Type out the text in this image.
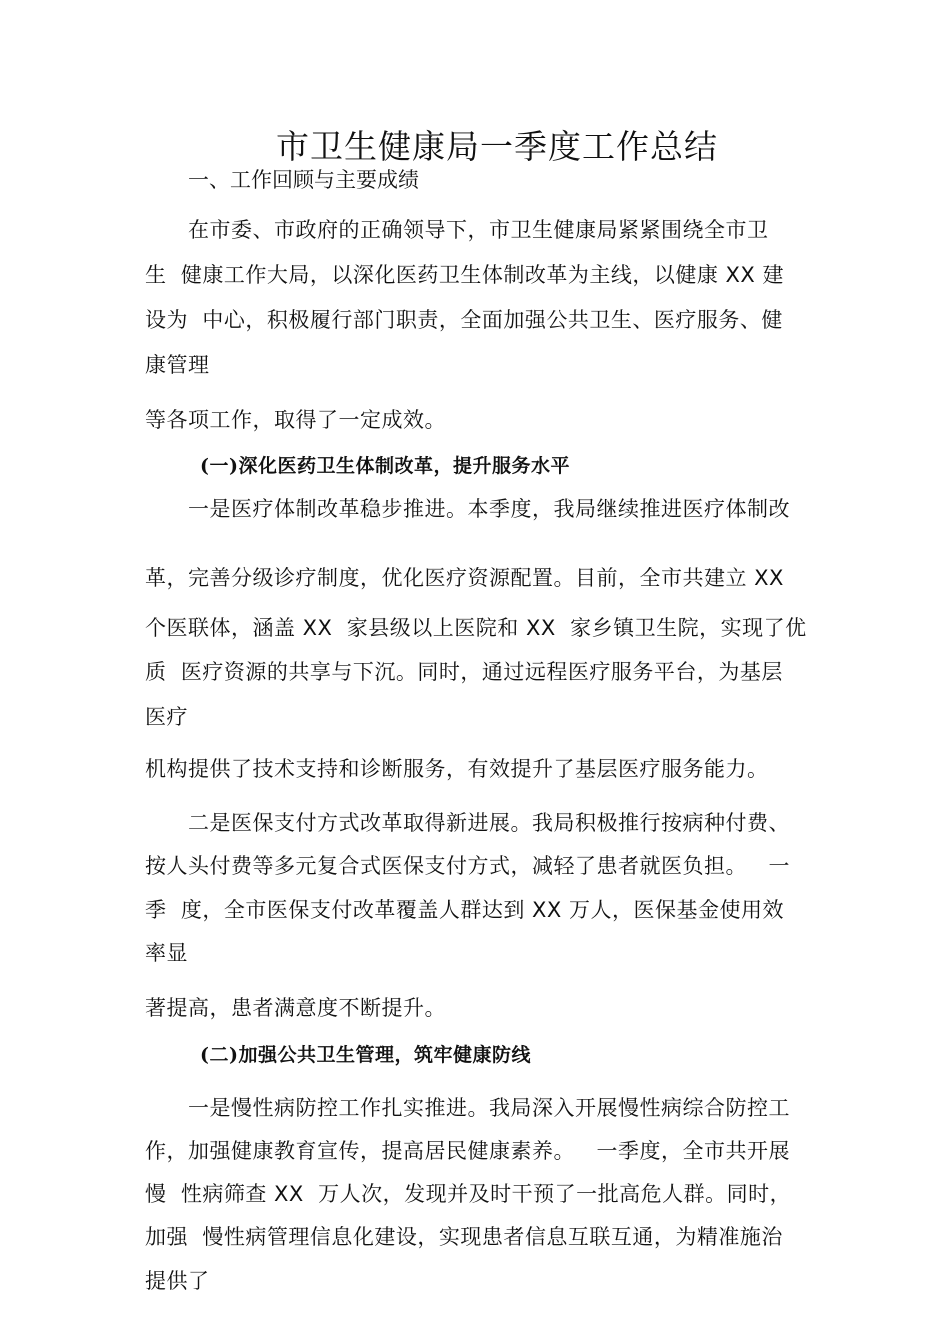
市卫生健康局一季度工作总结
一、工作回顾与主要成绩
在市委、市政府的正确领导下，市卫生健康局紧紧围绕全市卫
生  健康工作大局，以深化医药卫生体制改革为主线，以健康 XX 建
设为  中心，积极履行部门职责，全面加强公共卫生、医疗服务、健
康管理
等各项工作，取得了一定成效。
(一)深化医药卫生体制改革，提升服务水平
一是医疗体制改革稳步推进。本季度，我局继续推进医疗体制改
革，完善分级诊疗制度，优化医疗资源配置。目前，全市共建立 XX
个医联体，涵盖 XX  家县级以上医院和 XX  家乡镇卫生院，实现了优
质  医疗资源的共享与下沉。同时，通过远程医疗服务平台，为基层
医疗
机构提供了技术支持和诊断服务，有效提升了基层医疗服务能力。
二是医保支付方式改革取得新进展。我局积极推行按病种付费、
按人头付费等多元复合式医保支付方式，减轻了患者就医负担。   一
季  度，全市医保支付改革覆盖人群达到 XX 万人，医保基金使用效
率显
著提高，患者满意度不断提升。
(二)加强公共卫生管理，筑牢健康防线
一是慢性病防控工作扎实推进。我局深入开展慢性病综合防控工
作，加强健康教育宣传，提高居民健康素养。   一季度，全市共开展
慢  性病筛查 XX  万人次，发现并及时干预了一批高危人群。同时，
加强  慢性病管理信息化建设，实现患者信息互联互通，为精准施治
提供了
